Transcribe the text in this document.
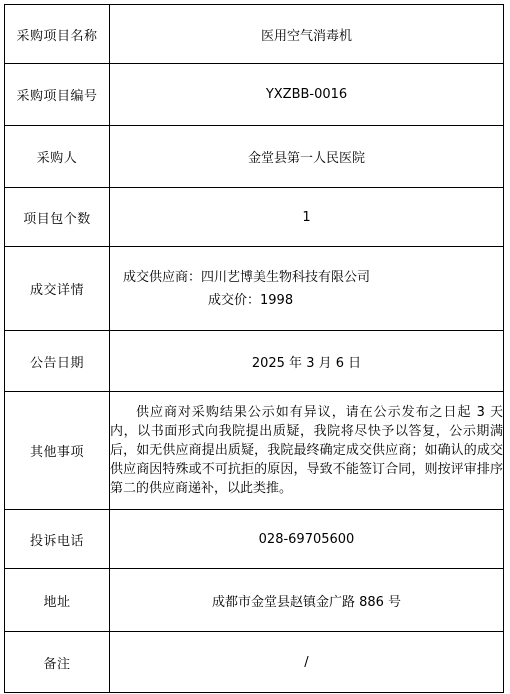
采购项目名称	医用空气消毒机
采购项目编号	YXZBB-0016
采购人	金堂县第一人民医院
项目包个数	1
成交详情	成交供应商：四川艺博美生物科技有限公司
成交价：1998

公告日期	2025 年 3 月 6 日
其他事项	供应商对采购结果公示如有异议，请在公示发布之日起 3 天内，以书面形式向我院提出质疑，我院将尽快予以答复，公示期满后，如无供应商提出质疑，我院最终确定成交供应商；如确认的成交供应商因特殊或不可抗拒的原因，导致不能签订合同，则按评审排序第二的供应商递补，以此类推。

投诉电话	028-69705600
地址	成都市金堂县赵镇金广路 886 号
备注	/
